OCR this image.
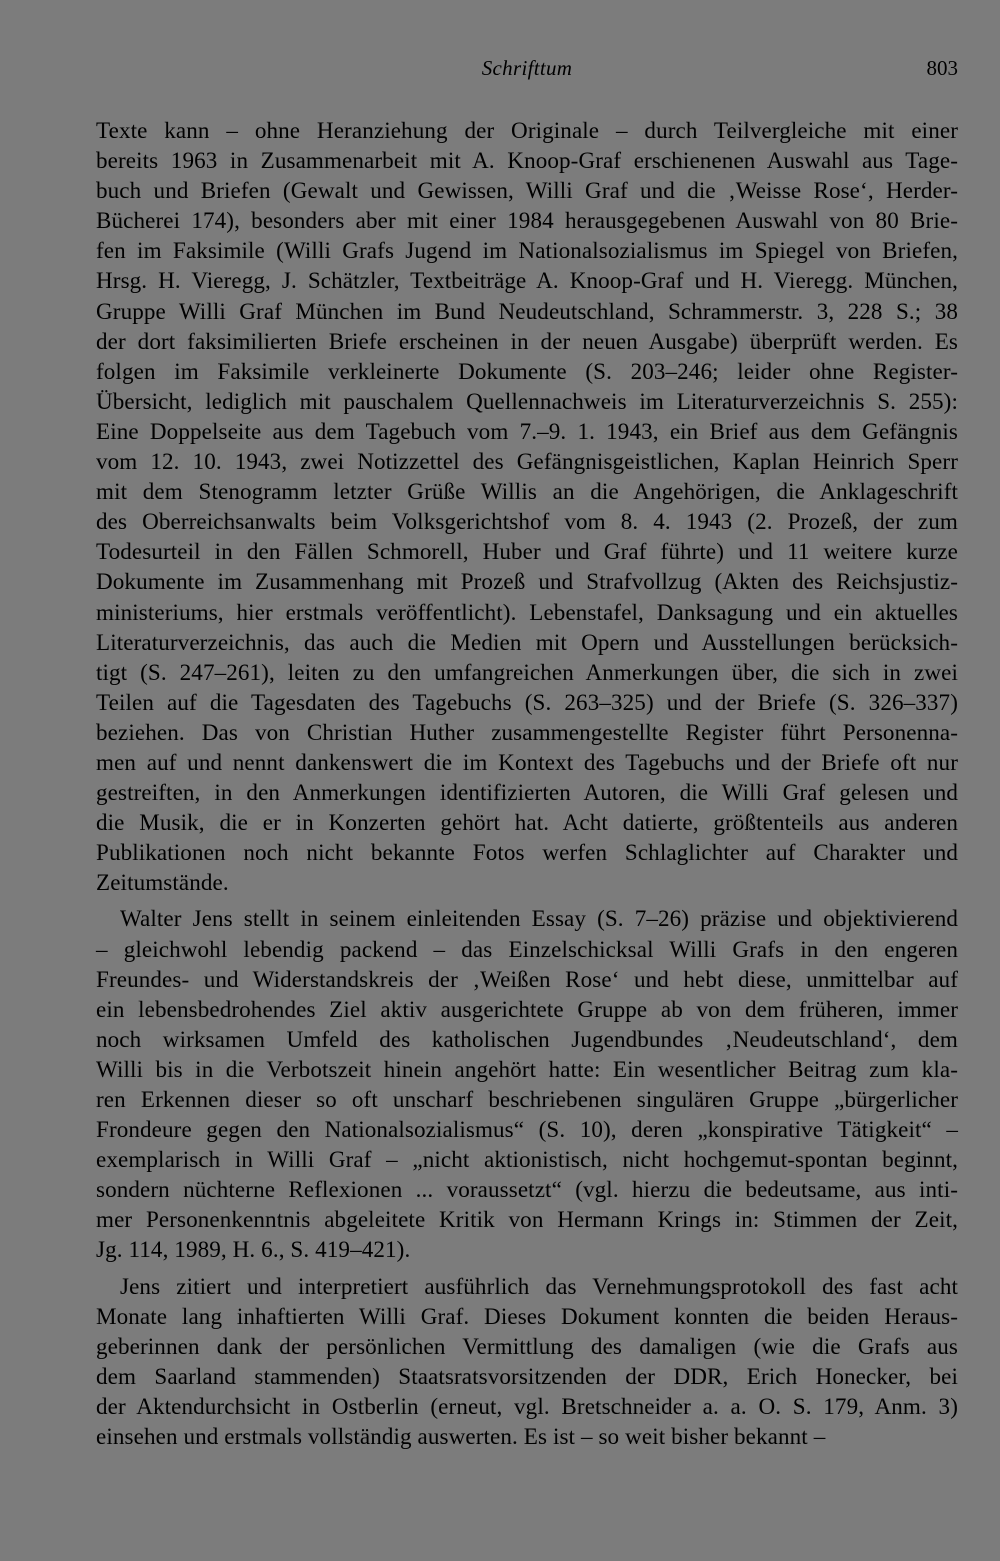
Schrifttum	803
Texte kann – ohne Heranziehung der Originale – durch Teilvergleiche mit einer
bereits 1963 in Zusammenarbeit mit A. Knoop-Graf erschienenen Auswahl aus Tage-
buch und Briefen (Gewalt und Gewissen, Willi Graf und die ‚Weisse Rose‘, Herder-
Bücherei 174), besonders aber mit einer 1984 herausgegebenen Auswahl von 80 Brie-
fen im Faksimile (Willi Grafs Jugend im Nationalsozialismus im Spiegel von Briefen,
Hrsg. H. Vieregg, J. Schätzler, Textbeiträge A. Knoop-Graf und H. Vieregg. München,
Gruppe Willi Graf München im Bund Neudeutschland, Schrammerstr. 3, 228 S.; 38
der dort faksimilierten Briefe erscheinen in der neuen Ausgabe) überprüft werden. Es
folgen im Faksimile verkleinerte Dokumente (S. 203–246; leider ohne Register-
Übersicht, lediglich mit pauschalem Quellennachweis im Literaturverzeichnis S. 255):
Eine Doppelseite aus dem Tagebuch vom 7.–9. 1. 1943, ein Brief aus dem Gefängnis
vom 12. 10. 1943, zwei Notizzettel des Gefängnisgeistlichen, Kaplan Heinrich Sperr
mit dem Stenogramm letzter Grüße Willis an die Angehörigen, die Anklageschrift
des Oberreichsanwalts beim Volksgerichtshof vom 8. 4. 1943 (2. Prozeß, der zum
Todesurteil in den Fällen Schmorell, Huber und Graf führte) und 11 weitere kurze
Dokumente im Zusammenhang mit Prozeß und Strafvollzug (Akten des Reichsjustiz-
ministeriums, hier erstmals veröffentlicht). Lebenstafel, Danksagung und ein aktuelles
Literaturverzeichnis, das auch die Medien mit Opern und Ausstellungen berücksich-
tigt (S. 247–261), leiten zu den umfangreichen Anmerkungen über, die sich in zwei
Teilen auf die Tagesdaten des Tagebuchs (S. 263–325) und der Briefe (S. 326–337)
beziehen. Das von Christian Huther zusammengestellte Register führt Personenna-
men auf und nennt dankenswert die im Kontext des Tagebuchs und der Briefe oft nur
gestreiften, in den Anmerkungen identifizierten Autoren, die Willi Graf gelesen und
die Musik, die er in Konzerten gehört hat. Acht datierte, größtenteils aus anderen
Publikationen noch nicht bekannte Fotos werfen Schlaglichter auf Charakter und
Zeitumstände.
Walter Jens stellt in seinem einleitenden Essay (S. 7–26) präzise und objektivierend
– gleichwohl lebendig packend – das Einzelschicksal Willi Grafs in den engeren
Freundes- und Widerstandskreis der ‚Weißen Rose‘ und hebt diese, unmittelbar auf
ein lebensbedrohendes Ziel aktiv ausgerichtete Gruppe ab von dem früheren, immer
noch wirksamen Umfeld des katholischen Jugendbundes ‚Neudeutschland‘, dem
Willi bis in die Verbotszeit hinein angehört hatte: Ein wesentlicher Beitrag zum kla-
ren Erkennen dieser so oft unscharf beschriebenen singulären Gruppe „bürgerlicher
Frondeure gegen den Nationalsozialismus“ (S. 10), deren „konspirative Tätigkeit“ –
exemplarisch in Willi Graf – „nicht aktionistisch, nicht hochgemut-spontan beginnt,
sondern nüchterne Reflexionen ... voraussetzt“ (vgl. hierzu die bedeutsame, aus inti-
mer Personenkenntnis abgeleitete Kritik von Hermann Krings in: Stimmen der Zeit,
Jg. 114, 1989, H. 6., S. 419–421).
Jens zitiert und interpretiert ausführlich das Vernehmungsprotokoll des fast acht
Monate lang inhaftierten Willi Graf. Dieses Dokument konnten die beiden Heraus-
geberinnen dank der persönlichen Vermittlung des damaligen (wie die Grafs aus
dem Saarland stammenden) Staatsratsvorsitzenden der DDR, Erich Honecker, bei
der Aktendurchsicht in Ostberlin (erneut, vgl. Bretschneider a. a. O. S. 179, Anm. 3)
einsehen und erstmals vollständig auswerten. Es ist – so weit bisher bekannt –
